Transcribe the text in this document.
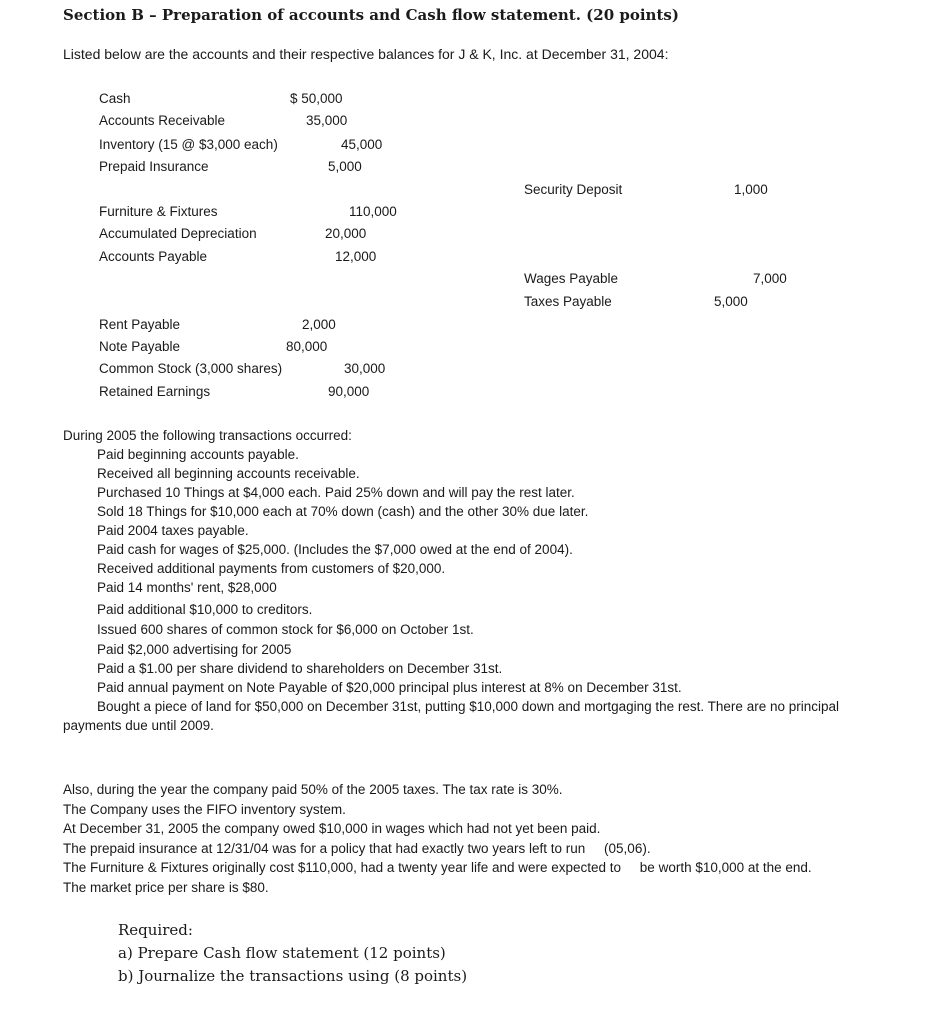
Section B – Preparation of accounts and Cash flow statement. (20 points)
Listed below are the accounts and their respective balances for J & K, Inc. at December 31, 2004:
Cash	$ 50,000
Accounts Receivable	35,000
Inventory (15 @ $3,000 each)	45,000
Prepaid Insurance	5,000
Security Deposit	1,000
Furniture & Fixtures	110,000
Accumulated Depreciation	20,000
Accounts Payable	12,000
Wages Payable	7,000
Taxes Payable	5,000
Rent Payable	2,000
Note Payable	80,000
Common Stock (3,000 shares)	30,000
Retained Earnings	90,000
During 2005 the following transactions occurred:
Paid beginning accounts payable.
Received all beginning accounts receivable.
Purchased 10 Things at $4,000 each. Paid 25% down and will pay the rest later.
Sold 18 Things for $10,000 each at 70% down (cash) and the other 30% due later.
Paid 2004 taxes payable.
Paid cash for wages of $25,000. (Includes the $7,000 owed at the end of 2004).
Received additional payments from customers of $20,000.
Paid 14 months' rent, $28,000
Paid additional $10,000 to creditors.
Issued 600 shares of common stock for $6,000 on October 1st.
Paid $2,000 advertising for 2005
Paid a $1.00 per share dividend to shareholders on December 31st.
Paid annual payment on Note Payable of $20,000 principal plus interest at 8% on December 31st.
Bought a piece of land for $50,000 on December 31st, putting $10,000 down and mortgaging the rest. There are no principal
payments due until 2009.
Also, during the year the company paid 50% of the 2005 taxes. The tax rate is 30%.
The Company uses the FIFO inventory system.
At December 31, 2005 the company owed $10,000 in wages which had not yet been paid.
The prepaid insurance at 12/31/04 was for a policy that had exactly two years left to run     (05,06).
The Furniture & Fixtures originally cost $110,000, had a twenty year life and were expected to     be worth $10,000 at the end.
The market price per share is $80.
Required:
a) Prepare Cash flow statement (12 points)
b) Journalize the transactions using (8 points)
